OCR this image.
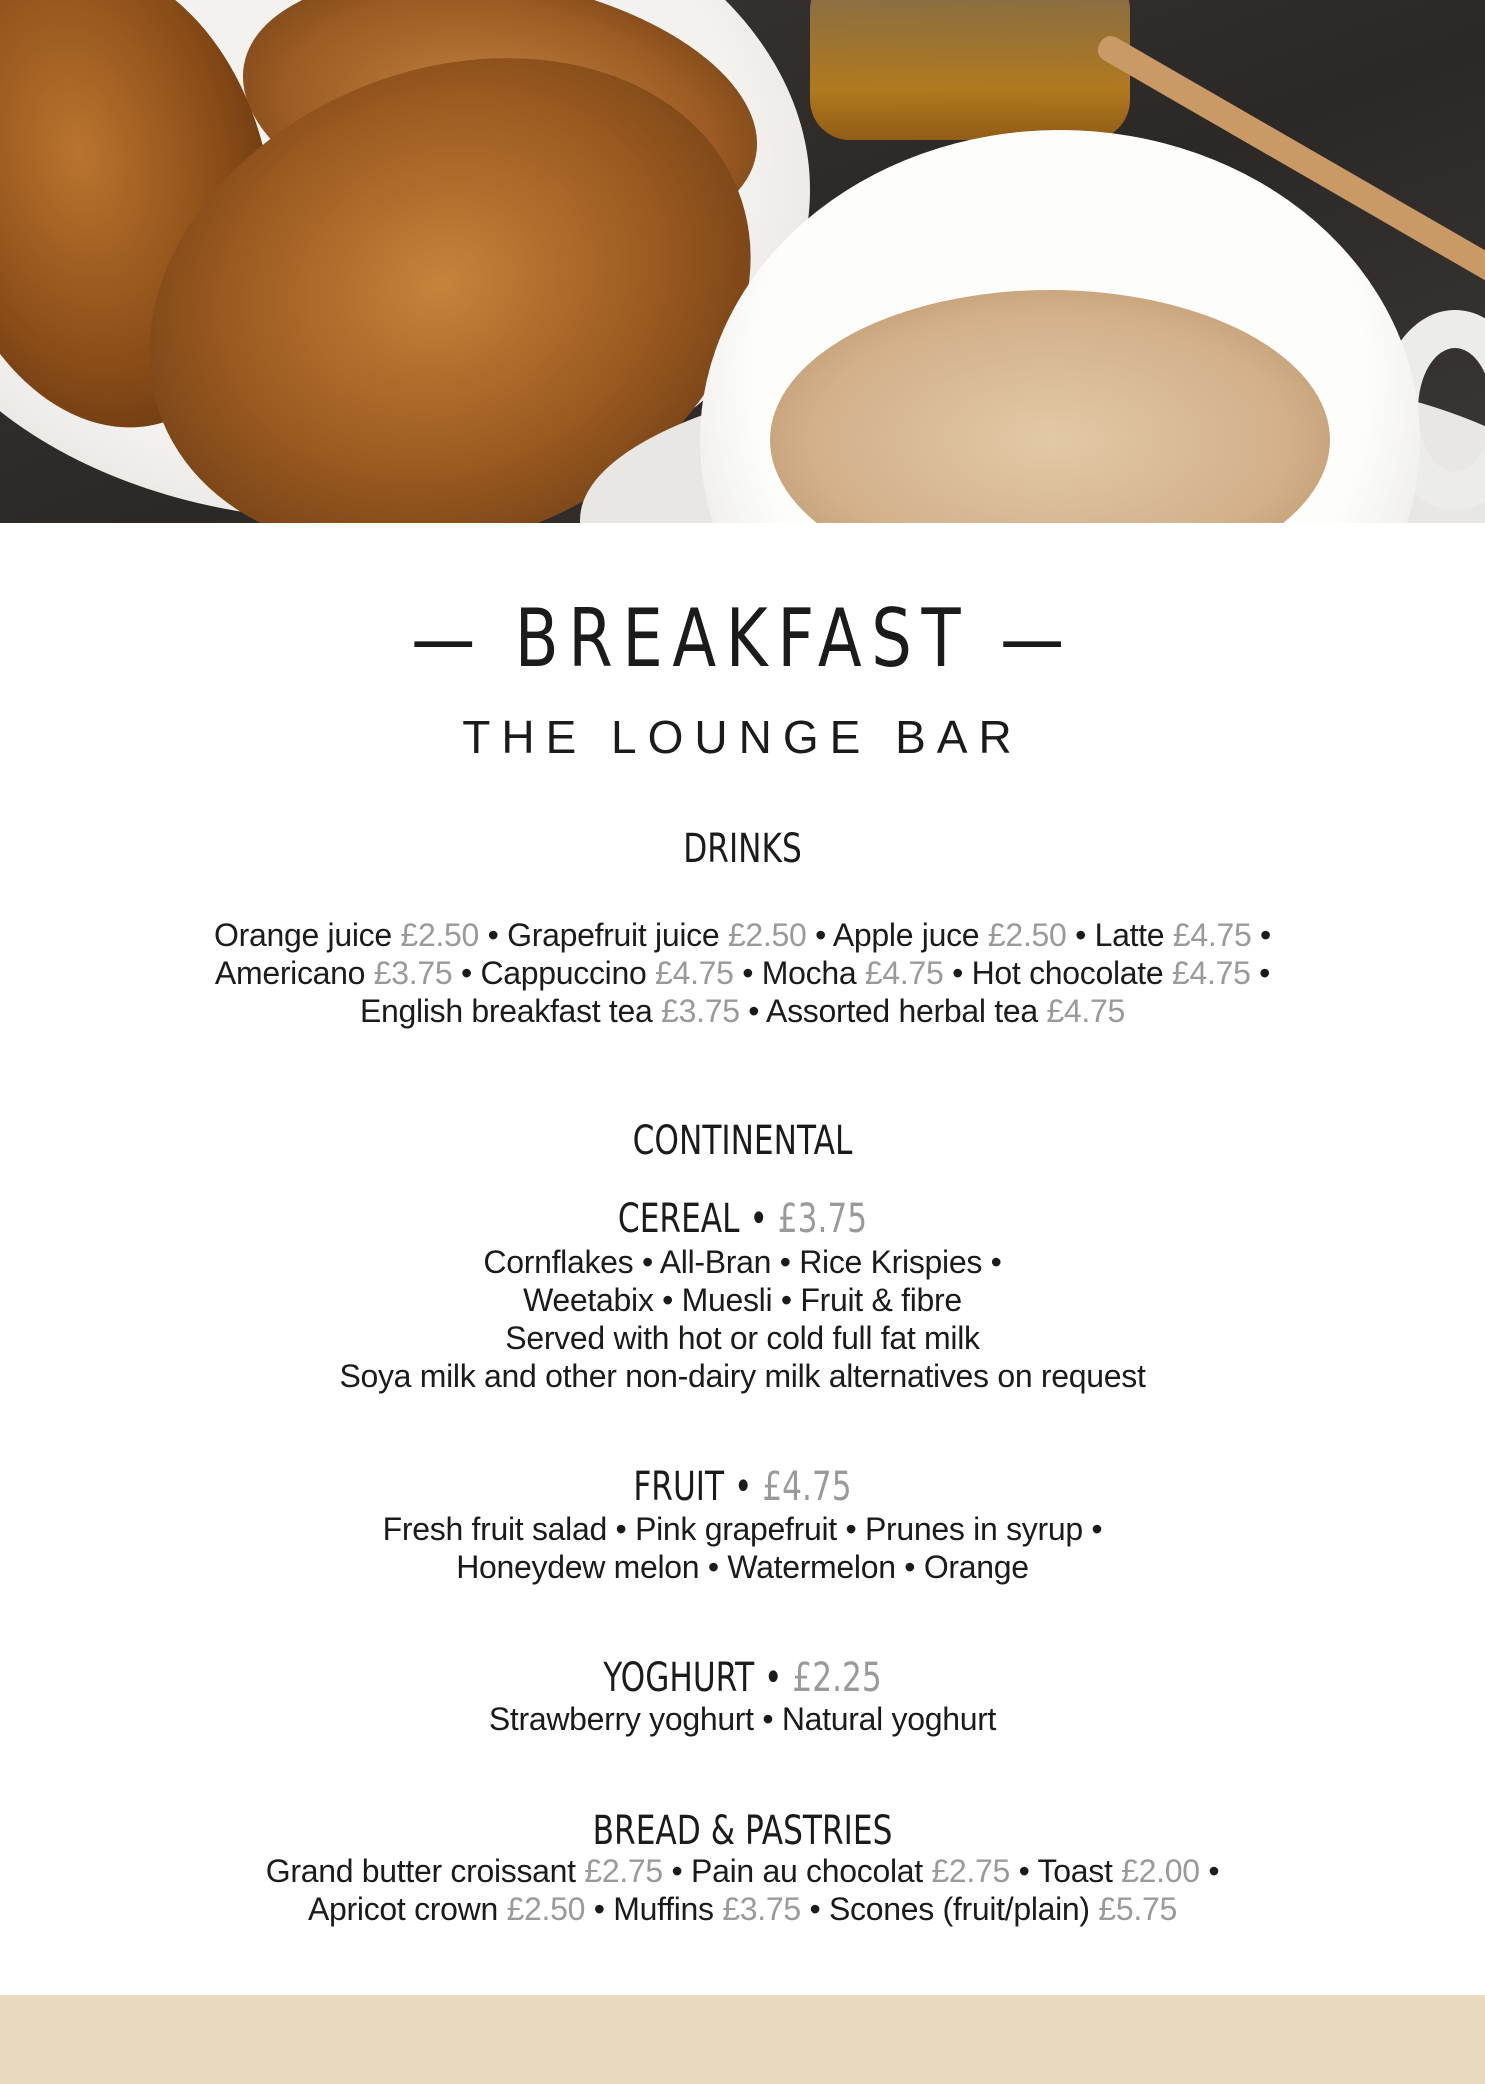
— BREAKFAST —
THE LOUNGE BAR
DRINKS
Orange juice £2.50 • Grapefruit juice £2.50 • Apple juce £2.50 • Latte £4.75 •
Americano £3.75 • Cappuccino £4.75 • Mocha £4.75 • Hot chocolate £4.75 •
English breakfast tea £3.75 • Assorted herbal tea £4.75
CONTINENTAL
CEREAL • £3.75
Cornflakes • All-Bran • Rice Krispies •
Weetabix • Muesli • Fruit & fibre
Served with hot or cold full fat milk
Soya milk and other non-dairy milk alternatives on request
FRUIT • £4.75
Fresh fruit salad • Pink grapefruit • Prunes in syrup •
Honeydew melon • Watermelon • Orange
YOGHURT • £2.25
Strawberry yoghurt • Natural yoghurt
BREAD & PASTRIES
Grand butter croissant £2.75 • Pain au chocolat £2.75 • Toast £2.00 •
Apricot crown £2.50 • Muffins £3.75 • Scones (fruit/plain) £5.75
